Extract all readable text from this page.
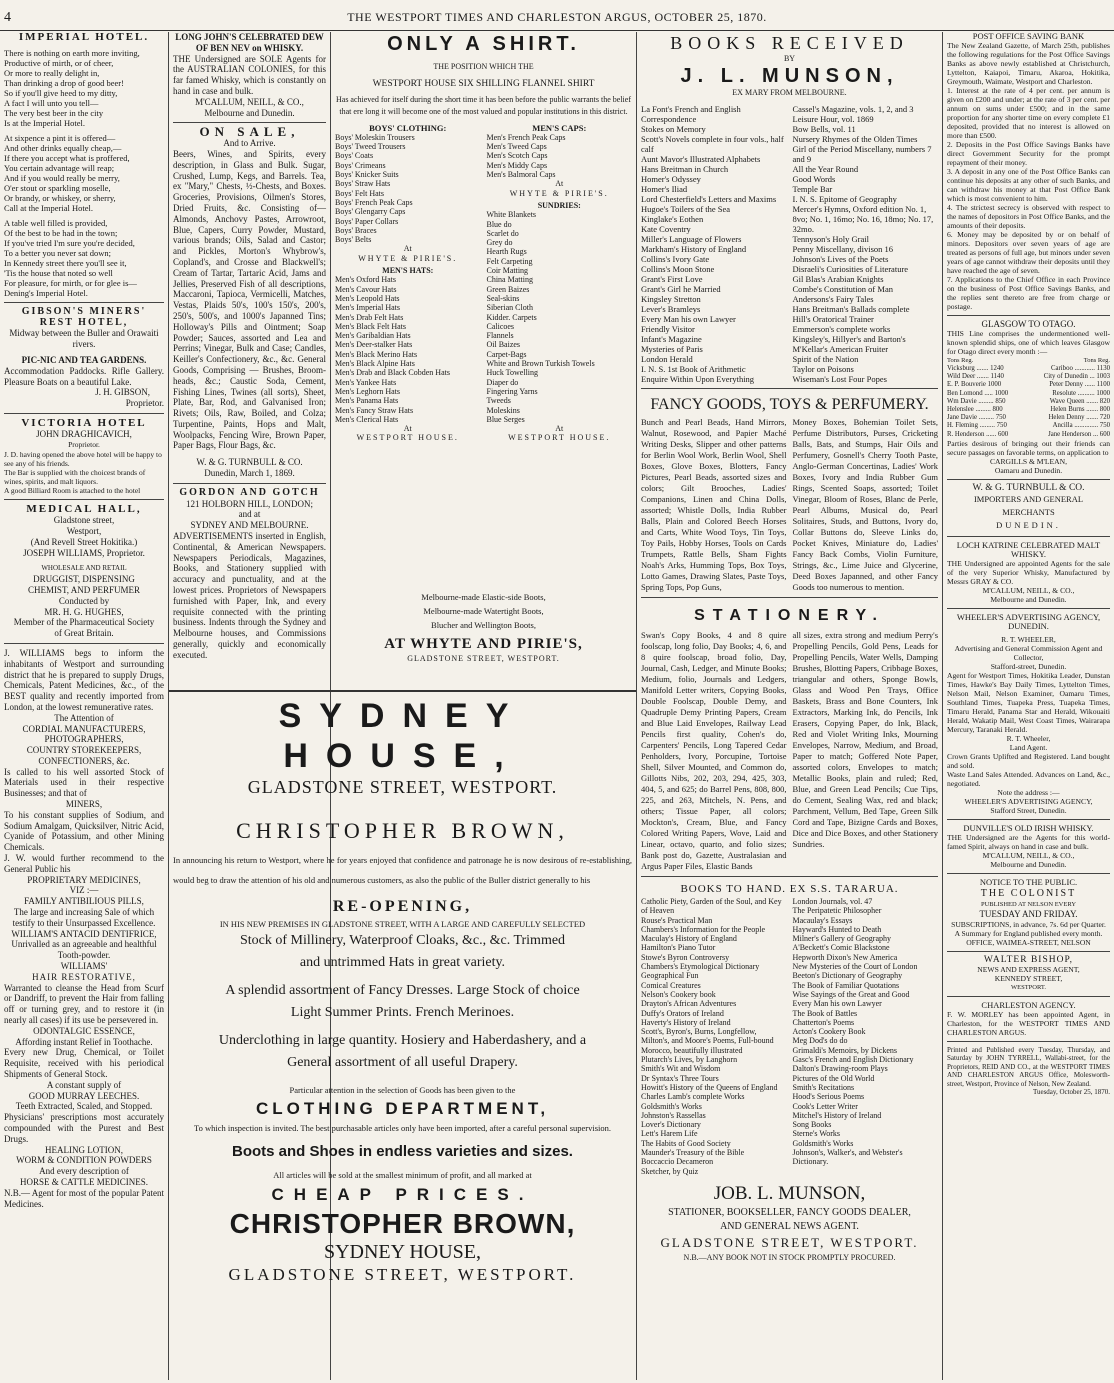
4	THE WESTPORT TIMES AND CHARLESTON ARGUS, OCTOBER 25, 1870.
IMPERIAL HOTEL.
There is nothing on earth more inviting,
Productive of mirth, or of cheer,
Or more to really delight in,
Than drinking a drop of good beer!
So if you'll give heed to my ditty,
A fact I will unto you tell—
The very best beer in the city
Is at the Imperial Hotel.
At sixpence a pint it is offered—
And other drinks equally cheap,—
If there you accept what is proffered,
You certain advantage will reap;
And if you would really be merry,
O'er stout or sparkling moselle,
Or brandy, or whiskey, or sherry,
Call at the Imperial Hotel.
A table well filled is provided,
Of the best to be had in the town;
If you've tried I'm sure you're decided,
To a better you never sat down;
In Kennedy street there you'll see it,
'Tis the house that noted so well
For pleasure, for mirth, or for glee is—
Dening's Imperial Hotel.
GIBSON'S MINERS' REST HOTEL,
Midway between the Buller and Orawaiti rivers.
PIC-NIC AND TEA GARDENS.
Accommodation Paddocks. Rifle Gallery. Pleasure Boats on a beautiful Lake.
J. H. GIBSON,
Proprietor.
VICTORIA HOTEL
JOHN DRAGHICAVICH,
Proprietor.
J. D. having opened the above hotel will be happy to see any of his friends.
The Bar is supplied with the choicest brands of wines, spirits, and malt liquors.
A good Billiard Room is attached to the hotel
MEDICAL HALL,
Gladstone street,
Westport,
(And Revell Street Hokitika.)
JOSEPH WILLIAMS, Proprietor.
WHOLESALE AND RETAIL
DRUGGIST, DISPENSING
CHEMIST, AND PERFUMER
Conducted by
MR. H. G. HUGHES,
Member of the Pharmaceutical Society
of Great Britain.
J. WILLIAMS begs to inform the inhabitants of Westport and surrounding district that he is prepared to supply Drugs, Chemicals, Patent Medicines, &c., of the BEST quality and recently imported from London, at the lowest remunerative rates.
The Attention of
CORDIAL MANUFACTURERS,
PHOTOGRAPHERS,
COUNTRY STOREKEEPERS,
CONFECTIONERS, &c.
Is called to his well assorted Stock of Materials used in their respective Businesses; and that of
MINERS,
To his constant supplies of Sodium, and Sodium Amalgam, Quicksilver, Nitric Acid, Cyanide of Potassium, and other Mining Chemicals.
J. W. would further recommend to the General Public his
PROPRIETARY MEDICINES,
VIZ :—
FAMILY ANTIBILIOUS PILLS,
The large and increasing Sale of which testify to their Unsurpassed Excellence.
WILLIAM'S ANTACID DENTIFRICE,
Unrivalled as an agreeable and healthful Tooth-powder.
WILLIAMS'
HAIR RESTORATIVE,
Warranted to cleanse the Head from Scurf or Dandriff, to prevent the Hair from falling off or turning grey, and to restore it (in nearly all cases) if its use be persevered in.
ODONTALGIC ESSENCE,
Affording instant Relief in Toothache.
Every new Drug, Chemical, or Toilet Requisite, received with his periodical Shipments of General Stock.
A constant supply of
GOOD MURRAY LEECHES.
Teeth Extracted, Scaled, and Stopped.
Physicians' prescriptions most accurately compounded with the Purest and Best Drugs.
HEALING LOTION,
WORM & CONDITION POWDERS
And every description of
HORSE & CATTLE MEDICINES.
N.B.— Agent for most of the popular Patent Medicines.
LONG JOHN'S CELEBRATED DEW OF BEN NEV on WHISKY.
THE Undersigned are SOLE Agents for the AUSTRALIAN COLONIES, for this far famed Whisky, which is constantly on hand in case and bulk.
M'CALLUM, NEILL, & CO.,
Melbourne and Dunedin.
ON SALE,
And to Arrive.
Beers, Wines, and Spirits, every description, in Glass and Bulk. Sugar, Crushed, Lump, Kegs, and Barrels. Tea, ex "Mary," Chests, ½-Chests, and Boxes. Groceries, Provisions, Oilmen's Stores, Dried Fruits, &c. Consisting of— Almonds, Anchovy Pastes, Arrowroot, Blue, Capers, Curry Powder, Mustard, various brands; Oils, Salad and Castor; and Pickles, Morton's Whybrow's, Copland's, and Crosse and Blackwell's; Cream of Tartar, Tartaric Acid, Jams and Jellies, Preserved Fish of all descriptions, Maccaroni, Tapioca, Vermicelli, Matches, Vestas, Plaids 50's, 100's 150's, 200's, 250's, 500's, and 1000's Japanned Tins; Holloway's Pills and Ointment; Soap Powder; Sauces, assorted and Lea and Perrins; Vinegar, Bulk and Case; Candles, Keiller's Confectionery, &c., &c. General Goods, Comprising — Brushes, Broom-heads, &c.; Caustic Soda, Cement, Fishing Lines, Twines (all sorts), Sheet, Plate, Bar, Rod, and Galvanised Iron; Rivets; Oils, Raw, Boiled, and Colza; Turpentine, Paints, Hops and Malt, Woolpacks, Fencing Wire, Brown Paper, Paper Bags, Flour Bags, &c.
W. & G. TURNBULL & CO.
Dunedin, March 1, 1869.
GORDON AND GOTCH
121 HOLBORN HILL, LONDON;
and at
SYDNEY AND MELBOURNE.
ADVERTISEMENTS inserted in English, Continental, & American Newspapers. Newspapers Periodicals, Magazines, Books, and Stationery supplied with accuracy and punctuality, and at the lowest prices. Proprietors of Newspapers furnished with Paper, Ink, and every requisite connected with the printing business. Indents through the Sydney and Melbourne houses, and Commissions generally, quickly and economically executed.
ONLY A SHIRT.
THE POSITION WHICH THE
WESTPORT HOUSE SIX SHILLING FLANNEL SHIRT
Has achieved for itself during the short time it has been before the public warrants the belief that ere long it will become one of the most valued and popular institutions in this district.
BOYS' CLOTHING:
Boys' Moleskin Trousers
Boys' Tweed Trousers
Boys' Coats
Boys' Crimeans
Boys' Knicker Suits
Boys' Straw Hats
Boys' Felt Hats
Boys' French Peak Caps
Boys' Glengarry Caps
Boys' Paper Collars
Boys' Braces
Boys' Belts
At
WHYTE & PIRIE'S.
MEN'S HATS:
Men's Oxford Hats
Men's Cavour Hats
Men's Leopold Hats
Men's Imperial Hats
Men's Drab Felt Hats
Men's Black Felt Hats
Men's Garibaldian Hats
Men's Deer-stalker Hats
Men's Black Merino Hats
Men's Black Alpine Hats
Men's Drab and Black Cobden Hats
Men's Yankee Hats
Men's Leghorn Hats
Men's Panama Hats
Men's Fancy Straw Hats
Men's Clerical Hats
At
WESTPORT HOUSE.
MEN'S CAPS:
Men's French Peak Caps
Men's Tweed Caps
Men's Scotch Caps
Men's Middy Caps
Men's Balmoral Caps
At
WHYTE & PIRIE'S.
SUNDRIES:
White Blankets
Blue do
Scarlet do
Grey do
Hearth Rugs
Felt Carpeting
Coir Matting
China Matting
Green Baizes
Seal-skins
Siberian Cloth
Kidder. Carpets
Calicoes
Flannels
Oil Baizes
Carpet-Bags
White and Brown Turkish Towels
Huck Towelling
Diaper do
Fingering Yarns
Tweeds
Moleskins
Blue Serges
At
WESTPORT HOUSE.
Melbourne-made Elastic-side Boots,
Melbourne-made Watertight Boots,
Blucher and Wellington Boots,
AT WHYTE AND PIRIE'S,
GLADSTONE STREET, WESTPORT.
SYDNEY HOUSE,
GLADSTONE STREET, WESTPORT.
CHRISTOPHER BROWN,
In announcing his return to Westport, where he for years enjoyed that confidence and patronage he is now desirous of re-establishing, would beg to draw the attention of his old and numerous customers, as also the public of the Buller district generally to his
RE-OPENING,
IN HIS NEW PREMISES IN GLADSTONE STREET, WITH A LARGE AND CAREFULLY SELECTED
Stock of Millinery, Waterproof Cloaks, &c., &c. Trimmed
and untrimmed Hats in great variety.
A splendid assortment of Fancy Dresses. Large Stock of choice
Light Summer Prints. French Merinoes.
Underclothing in large quantity. Hosiery and Haberdashery, and a
General assortment of all useful Drapery.
Particular attention in the selection of Goods has been given to the
CLOTHING DEPARTMENT,
To which inspection is invited. The best purchasable articles only have been imported, after a careful personal supervision.
Boots and Shoes in endless varieties and sizes.
All articles will be sold at the smallest minimum of profit, and all marked at
CHEAP PRICES.
CHRISTOPHER BROWN,
SYDNEY HOUSE,
GLADSTONE STREET, WESTPORT.
BOOKS RECEIVED
BY
J. L. MUNSON,
EX MARY FROM MELBOURNE.
La Font's French and English Correspondence
Stokes on Memory
Scott's Novels complete in four vols., half calf
Aunt Mavor's Illustrated Alphabets
Hans Breitman in Church
Homer's Odyssey
Homer's Iliad
Lord Chesterfield's Letters and Maxims
Hugoe's Toilers of the Sea
Kinglake's Eothen
Kate Coventry
Miller's Language of Flowers
Markham's History of England
Collins's Ivory Gate
Collins's Moon Stone
Grant's First Love
Grant's Girl he Married
Kingsley Stretton
Lever's Bramleys
Every Man his own Lawyer
Friendly Visitor
Infant's Magazine
Mysteries of Paris
London Herald
I. N. S. 1st Book of Arithmetic
Enquire Within Upon Everything
Cassel's Magazine, vols. 1, 2, and 3
Leisure Hour, vol. 1869
Bow Bells, vol. 11
Nursery Rhymes of the Olden Times
Girl of the Period Miscellany, numbers 7 and 9
All the Year Round
Good Words
Temple Bar
I. N. S. Epitome of Geography
Mercer's Hymns, Oxford edition No. 1, 8vo; No. 1, 16mo; No. 16, 18mo; No. 17, 32mo.
Tennyson's Holy Grail
Penny Miscellany, divison 16
Johnson's Lives of the Poets
Disraeli's Curiosities of Literature
Gil Blas's Arabian Knights
Combe's Constitution of Man
Andersons's Fairy Tales
Hans Breitman's Ballads complete
Hill's Oratorical Trainer
Emmerson's complete works
Kingsley's, Hillyer's and Barton's
M'Kellar's American Fruiter
Spirit of the Nation
Taylor on Poisons
Wiseman's Lost Four Popes
FANCY GOODS, TOYS & PERFUMERY.
Bunch and Pearl Beads, Hand Mirrors, Walnut, Rosewood, and Papier Maché Writing Desks, Slipper and other patterns for Berlin Wool Work, Berlin Wool, Shell Boxes, Glove Boxes, Blotters, Fancy Pictures, Pearl Beads, assorted sizes and colors; Gilt Brooches, Ladies' Companions, Linen and China Dolls, assorted; Whistle Dolls, India Rubber Balls, Plain and Colored Beech Horses and Carts, White Wood Toys, Tin Toys, Toy Pails, Hobby Horses, Tools on Cards Trumpets, Rattle Bells, Sham Fights Noah's Arks, Humming Tops, Box Toys, Lotto Games, Drawing Slates, Paste Toys, Spring Tops, Pop Guns,
Money Boxes, Bohemian Toilet Sets, Perfume Distributors, Purses, Cricketing Balls, Bats, and Stumps, Hair Oils and Perfumery, Gosnell's Cherry Tooth Paste, Anglo-German Concertinas, Ladies' Work Boxes, Ivory and India Rubber Gum Rings, Scented Soaps, assorted; Toilet Vinegar, Bloom of Roses, Blanc de Perle, Pearl Albums, Musical do, Pearl Solitaires, Studs, and Buttons, Ivory do, Collar Buttons do, Sleeve Links do, Pocket Knives, Miniature do, Ladies' Fancy Back Combs, Violin Furniture, Strings, &c., Lime Juice and Glycerine, Deed Boxes Japanned, and other Fancy Goods too numerous to mention.
STATIONERY.
Swan's Copy Books, 4 and 8 quire foolscap, long folio, Day Books; 4, 6, and 8 quire foolscap, broad folio, Day, Journal, Cash, Ledger, and Minute Books; Medium, folio, Journals and Ledgers, Manifold Letter writers, Copying Books, Double Foolscap, Double Demy, and Quadruple Demy Printing Papers, Cream and Blue Laid Envelopes, Railway Lead Pencils first quality, Cohen's do, Carpenters' Pencils, Long Tapered Cedar Penholders, Ivory, Porcupine, Tortoise Shell, Silver Mounted, and Common do, Gillotts Nibs, 202, 203, 294, 425, 303, 404, 5, and 625; do Barrel Pens, 808, 800, 225, and 263, Mitchels, N. Pens, and others; Tissue Paper, all colors; Mockton's, Cream, Blue, and Fancy Colored Writing Papers, Wove, Laid and Linear, octavo, quarto, and folio sizes; Bank post do, Gazette, Australasian and Argus Paper Files, Elastic Bands
all sizes, extra strong and medium Perry's Propelling Pencils, Gold Pens, Leads for Propelling Pencils, Water Wells, Damping Brushes, Blotting Papers, Cribbage Boxes, triangular and others, Sponge Bowls, Glass and Wood Pen Trays, Office Baskets, Brass and Bone Counters, Ink Extractors, Marking Ink, do Pencils, Ink Erasers, Copying Paper, do Ink, Black, Red and Violet Writing Inks, Mourning Envelopes, Narrow, Medium, and Broad, Paper to match; Goffered Note Paper, assorted colors, Envelopes to match; Metallic Books, plain and ruled; Red, Blue, and Green Lead Pencils; Cue Tips, do Cement, Sealing Wax, red and black; Parchment, Vellum, Bed Tape, Green Silk Cord and Tape, Bizigne Cards and Boxes, Dice and Dice Boxes, and other Stationery Sundries.
BOOKS TO HAND. EX S.S. TARARUA.
Catholic Piety, Garden of the Soul, and Key of Heaven
Rouse's Practical Man
Chambers's Information for the People
Maculay's History of England
Hamilton's Piano Tutor
Stowe's Byron Controversy
Chambers's Etymological Dictionary
Geographical Fun
Comical Creatures
Nelson's Cookery book
Drayton's African Adventures
Duffy's Orators of Ireland
Haverty's History of Ireland
Scott's, Byron's, Burns, Longfellow, Milton's, and Moore's Poems, Full-bound Morocco, beautifully illustrated
Plutarch's Lives, by Langhorn
Smith's Wit and Wisdom
Dr Syntax's Three Tours
Howitt's History of the Queens of England
Charles Lamb's complete Works
Goldsmith's Works
Johnston's Rassellas
Lover's Dictionary
Lett's Harem Life
The Habits of Good Society
Maunder's Treasury of the Bible
Boccaccio Decameron
Sketcher, by Quiz
London Journals, vol. 47
The Peripatetic Philosopher
Macaulay's Essays
Hayward's Hunted to Death
Milner's Gallery of Geography
A'Beckett's Comic Blackstone
Hepworth Dixon's New America
New Mysteries of the Court of London
Beeton's Dictionary of Geography
The Book of Familiar Quotations
Wise Sayings of the Great and Good
Every Man his own Lawyer
The Book of Battles
Chatterton's Poems
Acton's Cookery Book
Meg Dod's do do
Grimaldi's Memoirs, by Dickens
Gasc's French and English Dictionary
Dalton's Drawing-room Plays
Pictures of the Old World
Smith's Recitations
Hood's Serious Poems
Cook's Letter Writer
Mitchel's History of Ireland
Song Books
Sterne's Works
Goldsmith's Works
Johnson's, Walker's, and Webster's Dictionary.
JOB. L. MUNSON,
STATIONER, BOOKSELLER, FANCY GOODS DEALER,
AND GENERAL NEWS AGENT.
GLADSTONE STREET, WESTPORT.
N.B.—ANY BOOK NOT IN STOCK PROMPTLY PROCURED.
POST OFFICE SAVING BANK
The New Zealand Gazette, of March 25th, publishes the following regulations for the Post Office Savings Banks as above newly established at Christchurch, Lyttelton, Kaiapoi, Timaru, Akaroa, Hokitika, Greymouth, Waimate, Westport and Charleston.
1. Interest at the rate of 4 per cent. per annum is given on £200 and under; at the rate of 3 per cent. per annum on sums under £500; and in the same proportion for any shorter time on every complete £1 deposited, provided that no interest is allowed on more than £500.
2. Deposits in the Post Office Savings Banks have direct Government Security for the prompt repayment of their money.
3. A deposit in any one of the Post Office Banks can continue his deposits at any other of such Banks, and can withdraw his money at that Post Office Bank which is most convenient to him.
4. The strictest secrecy is observed with respect to the names of depositors in Post Office Banks, and the amounts of their deposits.
6. Money may be deposited by or on behalf of minors. Depositors over seven years of age are treated as persons of full age, but minors under seven years of age cannot withdraw their deposits until they have reached the age of seven.
7. Applications to the Chief Office in each Province on the business of Post Office Savings Banks, and the replies sent thereto are free from charge or postage.
GLASGOW TO OTAGO.
THIS Line comprises the undermentioned well-known splendid ships, one of which leaves Glasgow for Otago direct every month :—
Tons Reg.	Tons Reg.
Vicksburg ....... 1240	Cariboo ............ 1130
Wild Deer ....... 1140	City of Dunedin ... 1003
E. P. Bouverie 1000	Peter Denny ...... 1100
Ben Lomond ..... 1000	Resolute .......... 1000
Wm Davie ......... 850	Wave Queen ....... 820
Helenslee ......... 800	Helen Burns ....... 800
Jane Davie ......... 750	Helen Denny ....... 720
H. Fleming ......... 750	Ancilla .............. 750
R. Henderson ...... 600	Jane Henderson ... 600
Parties desirous of bringing out their friends can secure passages on favorable terms, on application to
CARGILLS & M'LEAN,
Oamaru and Dunedin.
W. & G. TURNBULL & CO.
IMPORTERS AND GENERAL
MERCHANTS
DUNEDIN.
LOCH KATRINE CELEBRATED MALT WHISKY.
THE Undersigned are appointed Agents for the sale of the very Superior Whisky, Manufactured by Messrs GRAY & CO.
M'CALLUM, NEILL, & CO.,
Melbourne and Dunedin.
WHEELER'S ADVERTISING AGENCY, DUNEDIN.
R. T. WHEELER,
Advertising and General Commission Agent and Collector,
Stafford-street, Dunedin.
Agent for Westport Times, Hokitika Leader, Dunstan Times, Hawke's Bay Daily Times, Lyttelton Times, Nelson Mail, Nelson Examiner, Oamaru Times, Southland Times, Tuapeka Press, Tuapeka Times, Timaru Herald, Panama Star and Herald, Wikouaiti Herald, Wakatip Mail, West Coast Times, Wairarapa Mercury, Taranaki Herald.
R. T. Wheeler,
Land Agent.
Crown Grants Uplifted and Registered. Land bought and sold.
Waste Land Sales Attended. Advances on Land, &c., negotiated.
Note the address :—
WHEELER'S ADVERTISING AGENCY,
Stafford Street, Dunedin.
DUNVILLE'S OLD IRISH WHISKY.
THE Undersigned are the Agents for this world-famed Spirit, always on hand in case and bulk.
M'CALLUM, NEILL, & CO.,
Melbourne and Dunedin.
NOTICE TO THE PUBLIC.
THE COLONIST
PUBLISHED AT NELSON EVERY
TUESDAY AND FRIDAY.
SUBSCRIPTIONS, in advance, 7s. 6d per Quarter.
A Summary for England published every month.
OFFICE, WAIMEA-STREET, NELSON
WALTER BISHOP,
NEWS AND EXPRESS AGENT,
KENNEDY STREET,
WESTPORT.
CHARLESTON AGENCY.
F. W. MORLEY has been appointed Agent, in Charleston, for the WESTPORT TIMES AND CHARLESTON ARGUS.
Printed and Published every Tuesday, Thursday, and Saturday by JOHN TYRRELL, Wallabi-street, for the Proprietors, REID AND CO., at the WESTPORT TIMES AND CHARLESTON ARGUS Office, Molesworth-street, Westport, Province of Nelson, New Zealand.
Tuesday, October 25, 1870.
